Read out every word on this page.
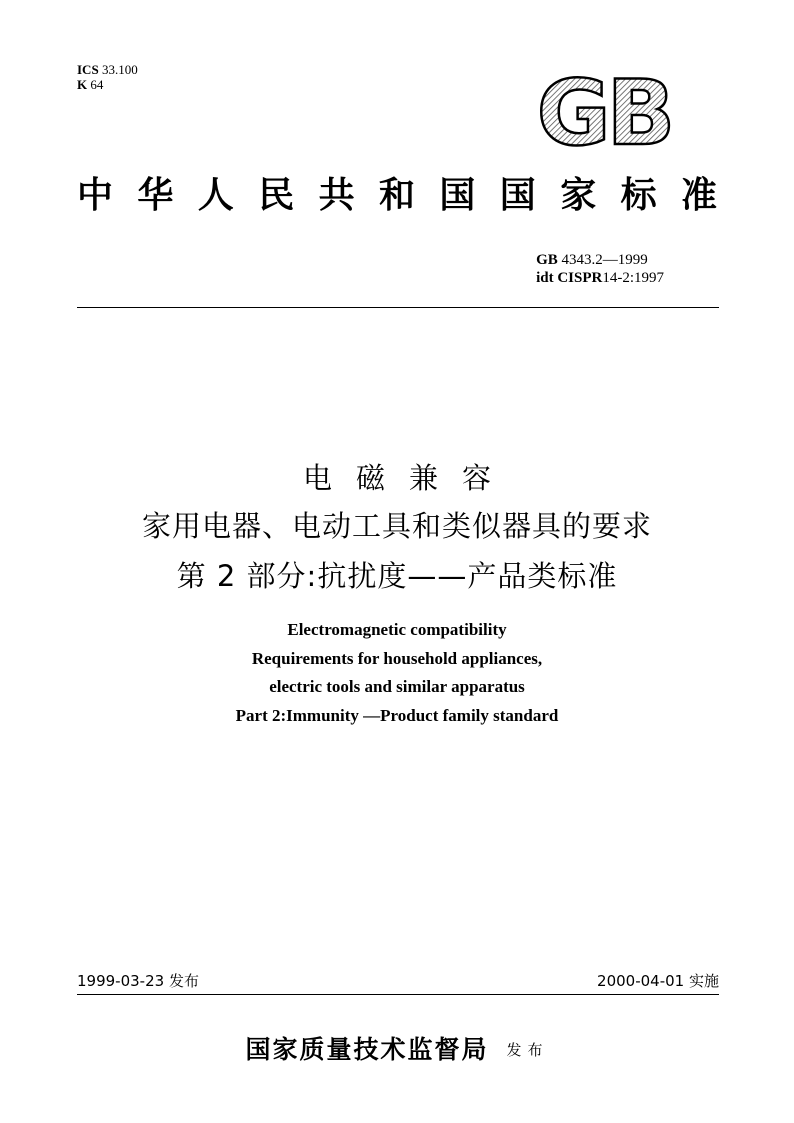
ICS 33.100
K 64	GB
中华人民共和国国家标准
GB 4343.2—1999
idt CISPR14-2:1997
电磁兼容
家用电器、电动工具和类似器具的要求
第 2 部分:抗扰度——产品类标准
Electromagnetic compatibility
Requirements for household appliances,
electric tools and similar apparatus
Part 2:Immunity —Product family standard
1999-03-23 发布	2000-04-01 实施
国家质量技术监督局 发布
